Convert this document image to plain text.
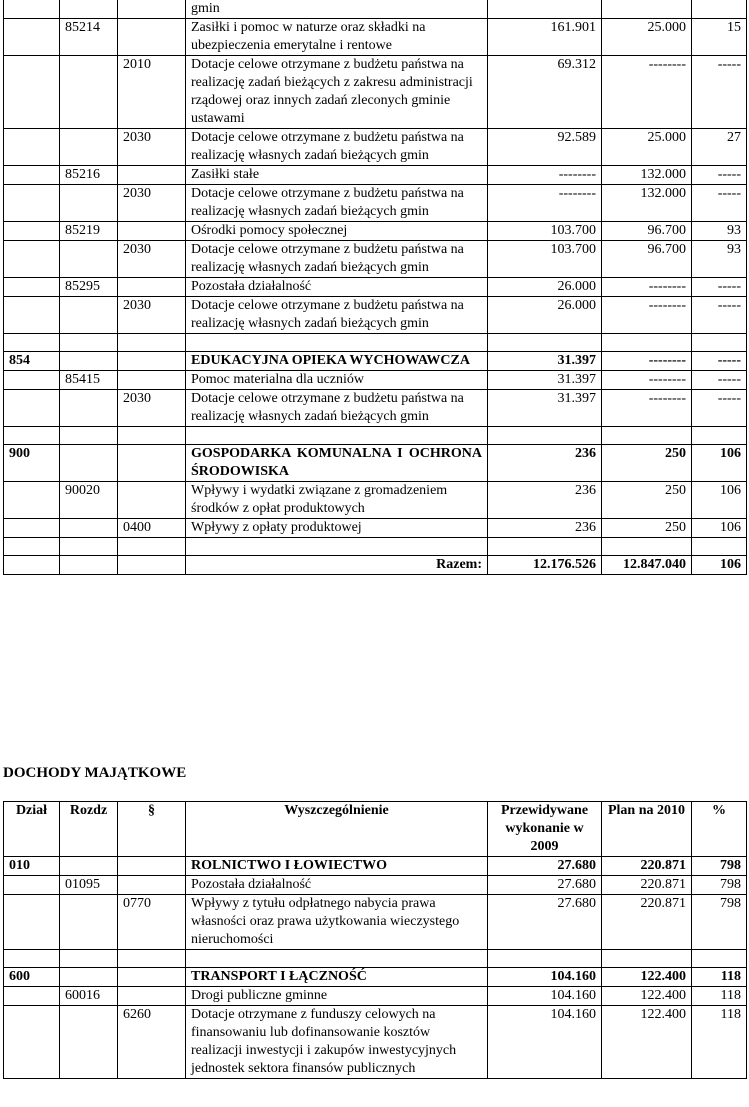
			gmin			
	85214		Zasiłki i pomoc w naturze oraz składki na ubezpieczenia emerytalne i rentowe	161.901	25.000	15
		2010	Dotacje celowe otrzymane z budżetu państwa na realizację zadań bieżących z zakresu administracji rządowej oraz innych zadań zleconych gminie ustawami	69.312	--------	-----
		2030	Dotacje celowe otrzymane z budżetu państwa na realizację własnych zadań bieżących gmin	92.589	25.000	27
	85216		Zasiłki stałe	--------	132.000	-----
		2030	Dotacje celowe otrzymane z budżetu państwa na realizację własnych zadań bieżących gmin	--------	132.000	-----
	85219		Ośrodki pomocy społecznej	103.700	96.700	93
		2030	Dotacje celowe otrzymane z budżetu państwa na realizację własnych zadań bieżących gmin	103.700	96.700	93
	85295		Pozostała działalność	26.000	--------	-----
		2030	Dotacje celowe otrzymane z budżetu państwa na realizację własnych zadań bieżących gmin	26.000	--------	-----

854			EDUKACYJNA OPIEKA WYCHOWAWCZA	31.397	--------	-----
	85415		Pomoc materialna dla uczniów	31.397	--------	-----
		2030	Dotacje celowe otrzymane z budżetu państwa na realizację własnych zadań bieżących gmin	31.397	--------	-----

900			GOSPODARKA KOMUNALNA I OCHRONA ŚRODOWISKA	236	250	106
	90020		Wpływy i wydatki związane z gromadzeniem środków z opłat produktowych	236	250	106
		0400	Wpływy z opłaty produktowej	236	250	106

			Razem:	12.176.526	12.847.040	106
DOCHODY MAJĄTKOWE
Dział	Rozdz	§	Wyszczególnienie	Przewidywane wykonanie w 2009	Plan na 2010	%
010			ROLNICTWO I ŁOWIECTWO	27.680	220.871	798
	01095		Pozostała działalność	27.680	220.871	798
		0770	Wpływy z tytułu odpłatnego nabycia prawa własności oraz prawa użytkowania wieczystego nieruchomości	27.680	220.871	798

600			TRANSPORT I ŁĄCZNOŚĆ	104.160	122.400	118
	60016		Drogi publiczne gminne	104.160	122.400	118
		6260	Dotacje otrzymane z funduszy celowych na finansowaniu lub dofinansowanie kosztów realizacji inwestycji i zakupów inwestycyjnych jednostek sektora finansów publicznych	104.160	122.400	118
